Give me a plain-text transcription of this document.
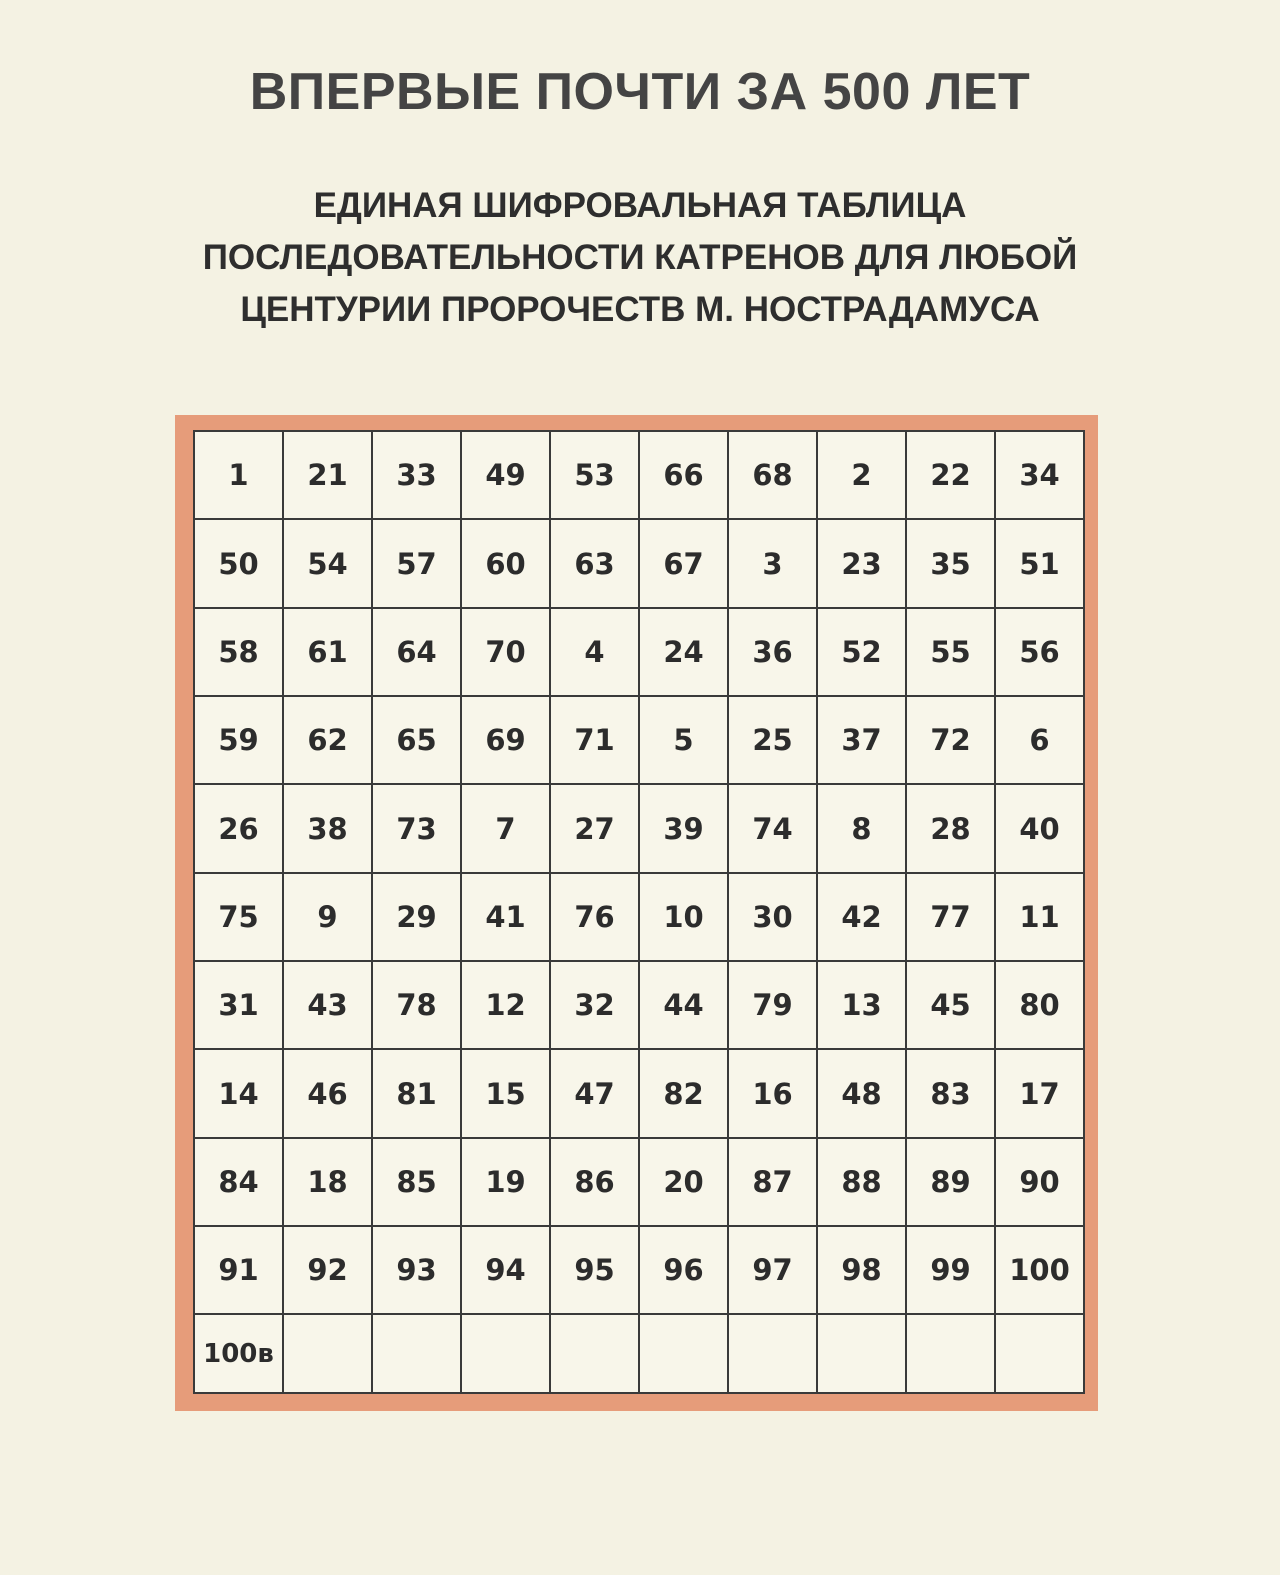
ВПЕРВЫЕ ПОЧТИ ЗА 500 ЛЕТ
ЕДИНАЯ ШИФРОВАЛЬНАЯ ТАБЛИЦА
ПОСЛЕДОВАТЕЛЬНОСТИ КАТРЕНОВ ДЛЯ ЛЮБОЙ
ЦЕНТУРИИ ПРОРОЧЕСТВ М. НОСТРАДАМУСА
1	21	33	49	53	66	68	2	22	34
50	54	57	60	63	67	3	23	35	51
58	61	64	70	4	24	36	52	55	56
59	62	65	69	71	5	25	37	72	6
26	38	73	7	27	39	74	8	28	40
75	9	29	41	76	10	30	42	77	11
31	43	78	12	32	44	79	13	45	80
14	46	81	15	47	82	16	48	83	17
84	18	85	19	86	20	87	88	89	90
91	92	93	94	95	96	97	98	99	100
100в									
